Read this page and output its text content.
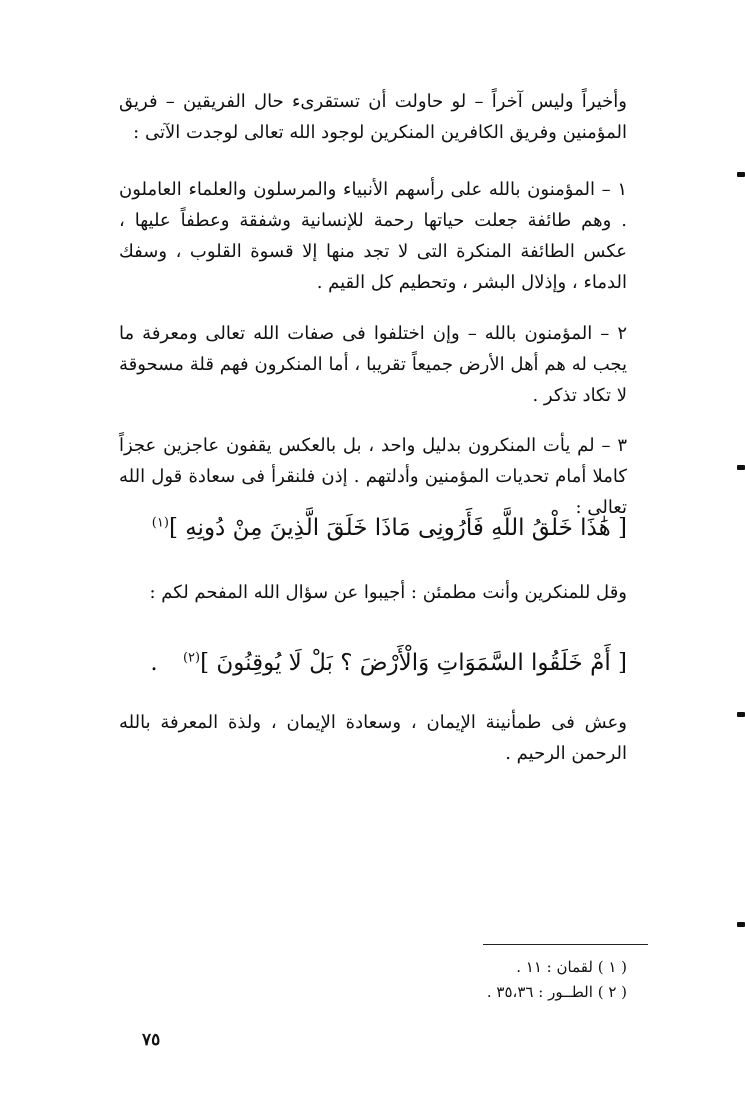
وأخيراً وليس آخراً – لو حاولت أن تستقرىء حال الفريقين – فريق المؤمنين وفريق الكافرين المنكرين لوجود الله تعالى لوجدت الآتى :

١ – المؤمنون بالله على رأسهم الأنبياء والمرسلون والعلماء العاملون . وهم طائفة جعلت حياتها رحمة للإنسانية وشفقة وعطفاً عليها ، عكس الطائفة المنكرة التى لا تجد منها إلا قسوة القلوب ، وسفك الدماء ، وإذلال البشر ، وتحطيم كل القيم .

٢ – المؤمنون بالله – وإن اختلفوا فى صفات الله تعالى ومعرفة ما يجب له هم أهل الأرض جميعاً تقريبا ، أما المنكرون فهم قلة مسحوقة لا تكاد تذكر .

٣ – لم يأت المنكرون بدليل واحد ، بل بالعكس يقفون عاجزين عجزاً كاملا أمام تحديات المؤمنين وأدلتهم . إذن فلنقرأ فى سعادة قول الله تعالى :

[ هَٰذَا خَلْقُ اللَّهِ فَأَرُونِى مَاذَا خَلَقَ الَّذِينَ مِنْ دُونِهِ ]$^{(١)}$

وقل للمنكرين وأنت مطمئن : أجيبوا عن سؤال الله المفحم لكم :

[ أَمْ خَلَقُوا السَّمَوَاتِ وَالْأَرْضَ ؟ بَلْ لَا يُوقِنُونَ ]$^{(٢)}$ .

وعش فى طمأنينة الإيمان ، وسعادة الإيمان ، ولذة المعرفة بالله الرحمن الرحيم .

( ١ ) لقمان : ١١ .
( ٢ ) الطــور : ٣٥،٣٦ .
٧٥
